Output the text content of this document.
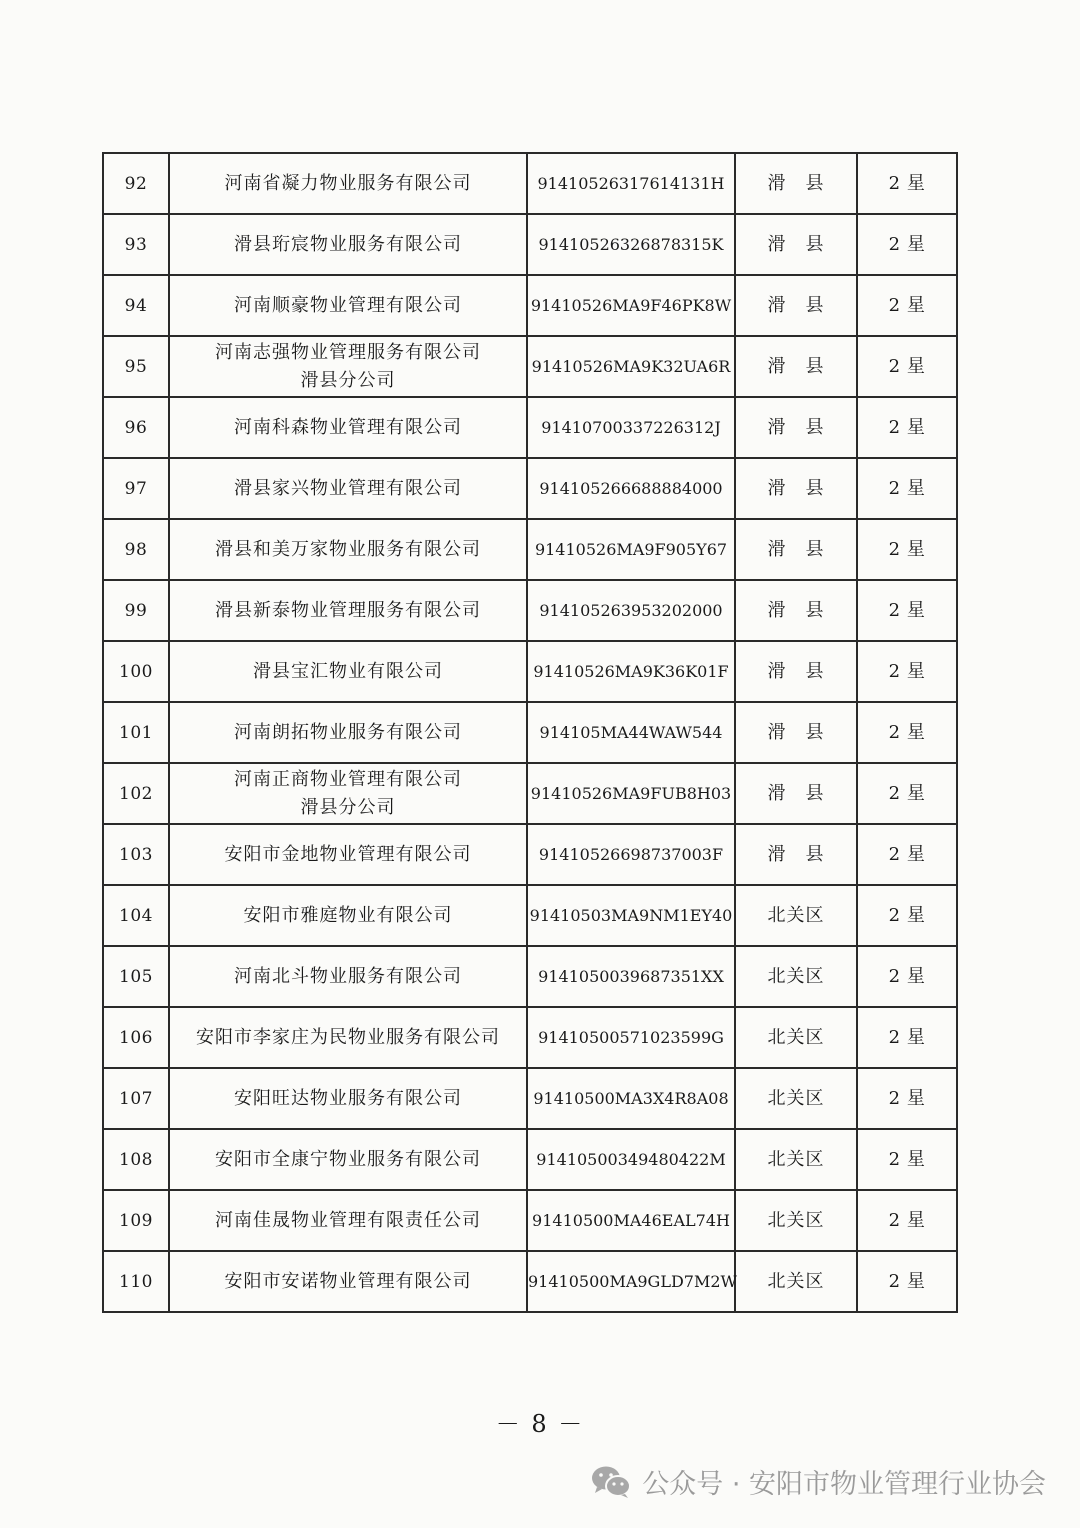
92	河南省凝力物业服务有限公司	91410526317614131H	滑　县	2 星
93	滑县珩宸物业服务有限公司	91410526326878315K	滑　县	2 星
94	河南顺豪物业管理有限公司	91410526MA9F46PK8W	滑　县	2 星
95	河南志强物业管理服务有限公司
滑县分公司	91410526MA9K32UA6R	滑　县	2 星
96	河南科森物业管理有限公司	91410700337226312J	滑　县	2 星
97	滑县家兴物业管理有限公司	914105266688884000	滑　县	2 星
98	滑县和美万家物业服务有限公司	91410526MA9F905Y67	滑　县	2 星
99	滑县新泰物业管理服务有限公司	914105263953202000	滑　县	2 星
100	滑县宝汇物业有限公司	91410526MA9K36K01F	滑　县	2 星
101	河南朗拓物业服务有限公司	914105MA44WAW544	滑　县	2 星
102	河南正商物业管理有限公司
滑县分公司	91410526MA9FUB8H03	滑　县	2 星
103	安阳市金地物业管理有限公司	91410526698737003F	滑　县	2 星
104	安阳市雅庭物业有限公司	91410503MA9NM1EY40	北关区	2 星
105	河南北斗物业服务有限公司	9141050039687351XX	北关区	2 星
106	安阳市李家庄为民物业服务有限公司	91410500571023599G	北关区	2 星
107	安阳旺达物业服务有限公司	91410500MA3X4R8A08	北关区	2 星
108	安阳市全康宁物业服务有限公司	91410500349480422M	北关区	2 星
109	河南佳晟物业管理有限责任公司	91410500MA46EAL74H	北关区	2 星
110	安阳市安诺物业管理有限公司	91410500MA9GLD7M2W	北关区	2 星
－ 8 －
公众号 · 安阳市物业管理行业协会
